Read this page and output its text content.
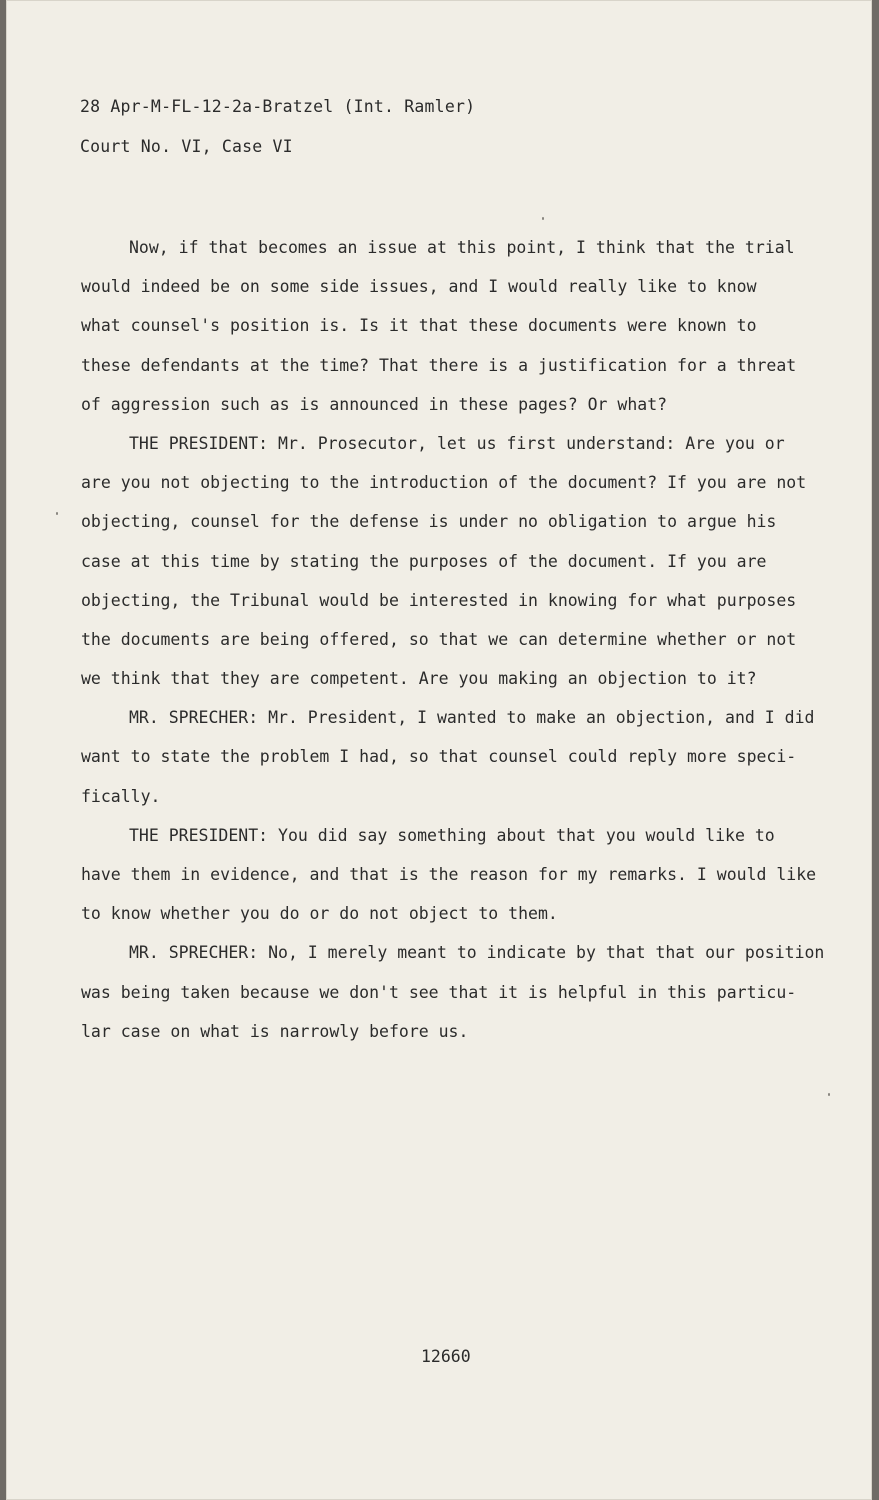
28 Apr-M-FL-12-2a-Bratzel (Int. Ramler)
Court No. VI, Case VI
Now, if that becomes an issue at this point, I think that the trial
would indeed be on some side issues, and I would really like to know
what counsel's position is. Is it that these documents were known to
these defendants at the time? That there is a justification for a threat
of aggression such as is announced in these pages? Or what?
THE PRESIDENT: Mr. Prosecutor, let us first understand: Are you or
are you not objecting to the introduction of the document? If you are not
objecting, counsel for the defense is under no obligation to argue his
case at this time by stating the purposes of the document. If you are
objecting, the Tribunal would be interested in knowing for what purposes
the documents are being offered, so that we can determine whether or not
we think that they are competent. Are you making an objection to it?
MR. SPRECHER: Mr. President, I wanted to make an objection, and I did
want to state the problem I had, so that counsel could reply more speci-
fically.
THE PRESIDENT: You did say something about that you would like to
have them in evidence, and that is the reason for my remarks. I would like
to know whether you do or do not object to them.
MR. SPRECHER: No, I merely meant to indicate by that that our position
was being taken because we don't see that it is helpful in this particu-
lar case on what is narrowly before us.
12660
